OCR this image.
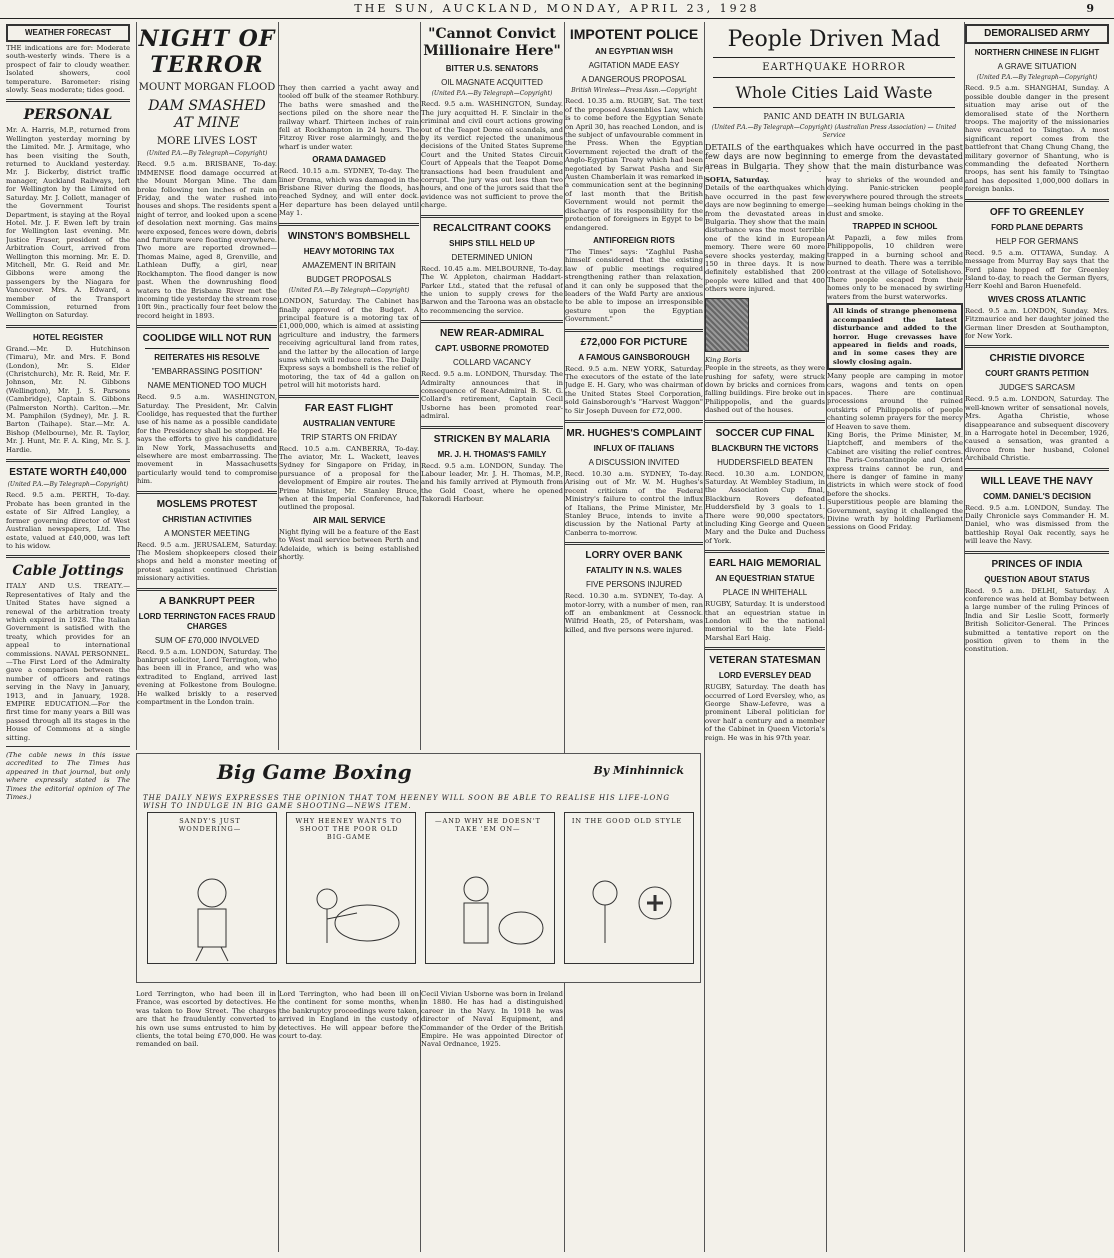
THE SUN, AUCKLAND, MONDAY, APRIL 23, 1928	9
WEATHER FORECAST
THE indications are for: Moderate south-westerly winds. There is a prospect of fair to cloudy weather. Isolated showers, cool temperature. Barometer: rising slowly. Seas moderate; tides good.
PERSONAL
Mr. A. Harris, M.P., returned from Wellington yesterday morning by the Limited. Mr. J. Armitage, who has been visiting the South, returned to Auckland yesterday. Mr. J. Bickerby, district traffic manager, Auckland Railways, left for Wellington by the Limited on Saturday. Mr. J. Collett, manager of the Government Tourist Department, is staying at the Royal Hotel. Mr. J. F. Ewen left by train for Wellington last evening. Mr. Justice Fraser, president of the Arbitration Court, arrived from Wellington this morning. Mr. E. D. Mitchell, Mr. G. Reid and Mr. Gibbons were among the passengers by the Niagara for Vancouver. Mrs. A. Edward, a member of the Transport Commission, returned from Wellington on Saturday.
HOTEL REGISTER
Grand.—Mr. D. Hutchinson (Timaru), Mr. and Mrs. F. Bond (London), Mr. S. Elder (Christchurch), Mr. R. Reid, Mr. F. Johnson, Mr. N. Gibbons (Wellington), Mr. J. S. Parsons (Cambridge), Captain S. Gibbons (Palmerston North). Carlton.—Mr. M. Pamphilon (Sydney), Mr. J. R. Barton (Taihape). Star.—Mr. A. Bishop (Melbourne), Mr. R. Taylor, Mr. J. Hunt, Mr. F. A. King, Mr. S. J. Hardie.
ESTATE WORTH £40,000
(United P.A.—By Telegraph—Copyright)
Recd. 9.5 a.m. PERTH, To-day. Probate has been granted in the estate of Sir Alfred Langley, a former governing director of West Australian newspapers, Ltd. The estate, valued at £40,000, was left to his widow.
Cable Jottings
ITALY AND U.S. TREATY.—Representatives of Italy and the United States have signed a renewal of the arbitration treaty which expired in 1928. The Italian Government is satisfied with the treaty, which provides for an appeal to international commissions. NAVAL PERSONNEL.—The First Lord of the Admiralty gave a comparison between the number of officers and ratings serving in the Navy in January, 1913, and in January, 1928. EMPIRE EDUCATION.—For the first time for many years a Bill was passed through all its stages in the House of Commons at a single sitting.
(The cable news in this issue accredited to The Times has appeared in that journal, but only where expressly stated is The Times the editorial opinion of The Times.)
NIGHT OF TERROR
MOUNT MORGAN FLOOD
DAM SMASHED AT MINE
MORE LIVES LOST
(United P.A.—By Telegraph—Copyright)
Recd. 9.5 a.m. BRISBANE, To-day. IMMENSE flood damage occurred at the Mount Morgan Mine. The dam broke following ten inches of rain on Friday, and the water rushed into houses and shops. The residents spent a night of terror, and looked upon a scene of desolation next morning. Gas mains were exposed, fences were down, debris and furniture were floating everywhere. Two more are reported drowned—Thomas Maine, aged 8, Grenville, and Lathlean Duffy, a girl, near Rockhampton. The flood danger is now past. When the downrushing flood waters to the Brisbane River met the incoming tide yesterday the stream rose 10ft 9in., practically four feet below the record height in 1893.
COOLIDGE WILL NOT RUN
REITERATES HIS RESOLVE
"EMBARRASSING POSITION"
NAME MENTIONED TOO MUCH
Recd. 9.5 a.m. WASHINGTON, Saturday. The President, Mr. Calvin Coolidge, has requested that the further use of his name as a possible candidate for the Presidency shall be stopped. He says the efforts to give his candidature in New York, Massachusetts and elsewhere are most embarrassing. The movement in Massachusetts particularly would tend to compromise him.
MOSLEMS PROTEST
CHRISTIAN ACTIVITIES
A MONSTER MEETING
Recd. 9.5 a.m. JERUSALEM, Saturday. The Moslem shopkeepers closed their shops and held a monster meeting of protest against continued Christian missionary activities.
A BANKRUPT PEER
LORD TERRINGTON FACES FRAUD CHARGES
SUM OF £70,000 INVOLVED
Recd. 9.5 a.m. LONDON, Saturday. The bankrupt solicitor, Lord Terrington, who has been ill in France, and who was extradited to England, arrived last evening at Folkestone from Boulogne. He walked briskly to a reserved compartment in the London train.
They then carried a yacht away and tooled off bulk of the steamer Rothbury. The baths were smashed and the sections piled on the shore near the railway wharf. Thirteen inches of rain fell at Rockhampton in 24 hours. The Fitzroy River rose alarmingly, and the wharf is under water.
ORAMA DAMAGED
Recd. 10.15 a.m. SYDNEY, To-day. The liner Orama, which was damaged in the Brisbane River during the floods, has reached Sydney, and will enter dock. Her departure has been delayed until May 1.
WINSTON'S BOMBSHELL
HEAVY MOTORING TAX
AMAZEMENT IN BRITAIN
BUDGET PROPOSALS
(United P.A.—By Telegraph—Copyright)
LONDON, Saturday. The Cabinet has finally approved of the Budget. A principal feature is a motoring tax of £1,000,000, which is aimed at assisting agriculture and industry, the farmers receiving agricultural land from rates, and the latter by the allocation of large sums which will reduce rates. The Daily Express says a bombshell is the relief of motoring, the tax of 4d a gallon on petrol will hit motorists hard.
FAR EAST FLIGHT
AUSTRALIAN VENTURE
TRIP STARTS ON FRIDAY
Recd. 10.5 a.m. CANBERRA, To-day. The aviator, Mr. L. Wackett, leaves Sydney for Singapore on Friday, in pursuance of a proposal for the development of Empire air routes. The Prime Minister, Mr. Stanley Bruce, when at the Imperial Conference, had outlined the proposal.
AIR MAIL SERVICE
Night flying will be a feature of the East to West mail service between Perth and Adelaide, which is being established shortly.
"Cannot Convict Millionaire Here"
BITTER U.S. SENATORS
OIL MAGNATE ACQUITTED
(United P.A.—By Telegraph—Copyright)
Recd. 9.5 a.m. WASHINGTON, Sunday. The jury acquitted H. F. Sinclair in the criminal and civil court actions growing out of the Teapot Dome oil scandals, and by its verdict rejected the unanimous decisions of the United States Supreme Court and the United States Circuit Court of Appeals that the Teapot Dome transactions had been fraudulent and corrupt. The jury was out less than two hours, and one of the jurors said that the evidence was not sufficient to prove the charge.
RECALCITRANT COOKS
SHIPS STILL HELD UP
DETERMINED UNION
Recd. 10.45 a.m. MELBOURNE, To-day. The W. Appleton, chairman Haddart-Parker Ltd., stated that the refusal of the union to supply crews for the Barwon and the Taroona was an obstacle to recommencing the service.
NEW REAR-ADMIRAL
CAPT. USBORNE PROMOTED
COLLARD VACANCY
Recd. 9.5 a.m. LONDON, Thursday. The Admiralty announces that in consequence of Rear-Admiral B. St. G. Collard's retirement, Captain Cecil Usborne has been promoted rear-admiral.
STRICKEN BY MALARIA
MR. J. H. THOMAS'S FAMILY
Recd. 9.5 a.m. LONDON, Sunday. The Labour leader, Mr. J. H. Thomas, M.P., and his family arrived at Plymouth from the Gold Coast, where he opened Takoradi Harbour.
IMPOTENT POLICE
AN EGYPTIAN WISH
AGITATION MADE EASY
A DANGEROUS PROPOSAL
British Wireless—Press Assn.—Copyright
Recd. 10.35 a.m. RUGBY, Sat. The text of the proposed Assemblies Law, which is to come before the Egyptian Senate on April 30, has reached London, and is the subject of unfavourable comment in the Press. When the Egyptian Government rejected the draft of the Anglo-Egyptian Treaty which had been negotiated by Sarwat Pasha and Sir Austen Chamberlain it was remarked in a communication sent at the beginning of last month that the British Government would not permit the discharge of its responsibility for the protection of foreigners in Egypt to be endangered.
ANTIFOREIGN RIOTS
"The Times" says: "Zaghlul Pasha himself considered that the existing law of public meetings required strengthening rather than relaxation, and it can only be supposed that the leaders of the Wafd Party are anxious to be able to impose an irresponsible gesture upon the Egyptian Government."
£72,000 FOR PICTURE
A FAMOUS GAINSBOROUGH
Recd. 9.5 a.m. NEW YORK, Saturday. The executors of the estate of the late Judge E. H. Gary, who was chairman of the United States Steel Corporation, sold Gainsborough's "Harvest Waggon" to Sir Joseph Duveen for £72,000.
MR. HUGHES'S COMPLAINT
INFLUX OF ITALIANS
A DISCUSSION INVITED
Recd. 10.30 a.m. SYDNEY, To-day. Arising out of Mr. W. M. Hughes's recent criticism of the Federal Ministry's failure to control the influx of Italians, the Prime Minister, Mr. Stanley Bruce, intends to invite a discussion by the National Party at Canberra to-morrow.
LORRY OVER BANK
FATALITY IN N.S. WALES
FIVE PERSONS INJURED
Recd. 10.30 a.m. SYDNEY, To-day. A motor-lorry, with a number of men, ran off an embankment at Cessnock. Wilfrid Heath, 25, of Petersham, was killed, and five persons were injured.
People Driven Mad
EARTHQUAKE HORROR
Whole Cities Laid Waste
PANIC AND DEATH IN BULGARIA
(United P.A.—By Telegraph—Copyright) (Australian Press Association) — United Service
DETAILS of the earthquakes which have occurred in the past few days are now beginning to emerge from the devastated areas in Bulgaria. They show that the main disturbance was
SOFIA, Saturday.
Details of the earthquakes which have occurred in the past few days are now beginning to emerge from the devastated areas in Bulgaria. They show that the main disturbance was the most terrible one of the kind in European memory. There were 60 more severe shocks yesterday, making 150 in three days. It is now definitely established that 200 people were killed and that 400 others were injured.
King Boris
People in the streets, as they were rushing for safety, were struck down by bricks and cornices from falling buildings. Fire broke out in Philippopolis, and the guards dashed out of the houses.
SOCCER CUP FINAL
BLACKBURN THE VICTORS
HUDDERSFIELD BEATEN
Recd. 10.30 a.m. LONDON, Saturday. At Wembley Stadium, in the Association Cup final, Blackburn Rovers defeated Huddersfield by 3 goals to 1. There were 90,000 spectators, including King George and Queen Mary and the Duke and Duchess of York.
EARL HAIG MEMORIAL
AN EQUESTRIAN STATUE
PLACE IN WHITEHALL
RUGBY, Saturday. It is understood that an equestrian statue in London will be the national memorial to the late Field-Marshal Earl Haig.
VETERAN STATESMAN
LORD EVERSLEY DEAD
RUGBY, Saturday. The death has occurred of Lord Eversley, who, as George Shaw-Lefevre, was a prominent Liberal politician for over half a century and a member of the Cabinet in Queen Victoria's reign. He was in his 97th year.
way to shrieks of the wounded and dying. Panic-stricken people everywhere poured through the streets—seeking human beings choking in the dust and smoke.
TRAPPED IN SCHOOL
At Papazli, a few miles from Philippopolis, 10 children were trapped in a burning school and burned to death. There was a terrible contrast at the village of Sotelishovo. There people escaped from their homes only to be menaced by swirling waters from the burst waterworks.
All kinds of strange phenomena accompanied the latest disturbance and added to the horror. Huge crevasses have appeared in fields and roads, and in some cases they are slowly closing again.
Many people are camping in motor cars, wagons and tents on open spaces. There are continual processions around the ruined outskirts of Philippopolis of people chanting solemn prayers for the mercy of Heaven to save them.
King Boris, the Prime Minister, M. Liaptcheff, and members of the Cabinet are visiting the relief centres. The Paris-Constantinople and Orient express trains cannot be run, and there is danger of famine in many districts in which were stock of food before the shocks.
Superstitious people are blaming the Government, saying it challenged the Divine wrath by holding Parliament sessions on Good Friday.
DEMORALISED ARMY
NORTHERN CHINESE IN FLIGHT
A GRAVE SITUATION
(United P.A.—By Telegraph—Copyright)
Recd. 9.5 a.m. SHANGHAI, Sunday. A possible double danger in the present situation may arise out of the demoralised state of the Northern troops. The majority of the missionaries have evacuated to Tsingtao. A most significant report comes from the battlefront that Chang Chung Chang, the military governor of Shantung, who is commanding the defeated Northern troops, has sent his family to Tsingtao and has deposited 1,000,000 dollars in foreign banks.
OFF TO GREENLEY
FORD PLANE DEPARTS
HELP FOR GERMANS
Recd. 9.5 a.m. OTTAWA, Sunday. A message from Murray Bay says that the Ford plane hopped off for Greenley Island to-day, to reach the German flyers, Herr Koehl and Baron Huenefeld.
WIVES CROSS ATLANTIC
Recd. 9.5 a.m. LONDON, Sunday. Mrs. Fitzmaurice and her daughter joined the German liner Dresden at Southampton, for New York.
CHRISTIE DIVORCE
COURT GRANTS PETITION
JUDGE'S SARCASM
Recd. 9.5 a.m. LONDON, Saturday. The well-known writer of sensational novels, Mrs. Agatha Christie, whose disappearance and subsequent discovery in a Harrogate hotel in December, 1926, caused a sensation, was granted a divorce from her husband, Colonel Archibald Christie.
WILL LEAVE THE NAVY
COMM. DANIEL'S DECISION
Recd. 9.5 a.m. LONDON, Sunday. The Daily Chronicle says Commander H. M. Daniel, who was dismissed from the battleship Royal Oak recently, says he will leave the Navy.
PRINCES OF INDIA
QUESTION ABOUT STATUS
Recd. 9.5 a.m. DELHI, Saturday. A conference was held at Bombay between a large number of the ruling Princes of India and Sir Leslie Scott, formerly British Solicitor-General. The Princes submitted a tentative report on the position given to them in the constitution.
Big Game Boxing	By Minhinnick
THE DAILY NEWS EXPRESSES THE OPINION THAT TOM HEENEY WILL SOON BE ABLE TO REALISE HIS LIFE-LONG WISH TO INDULGE IN BIG GAME SHOOTING—NEWS ITEM.
SANDY'S JUST WONDERING—
WHY HEENEY WANTS TO SHOOT THE POOR OLD BIG-GAME
—AND WHY HE DOESN'T TAKE 'EM ON—
IN THE GOOD OLD STYLE
Lord Terrington, who had been ill in France, was escorted by detectives. He was taken to Bow Street. The charges are that he fraudulently converted to his own use sums entrusted to him by clients, the total being £70,000. He was remanded on bail.
Lord Terrington, who had been ill on the continent for some months, when the bankruptcy proceedings were taken, arrived in England in the custody of detectives. He will appear before the court to-day.
Cecil Vivian Usborne was born in Ireland in 1880. He has had a distinguished career in the Navy. In 1918 he was director of Naval Equipment, and Commander of the Order of the British Empire. He was appointed Director of Naval Ordnance, 1925.
